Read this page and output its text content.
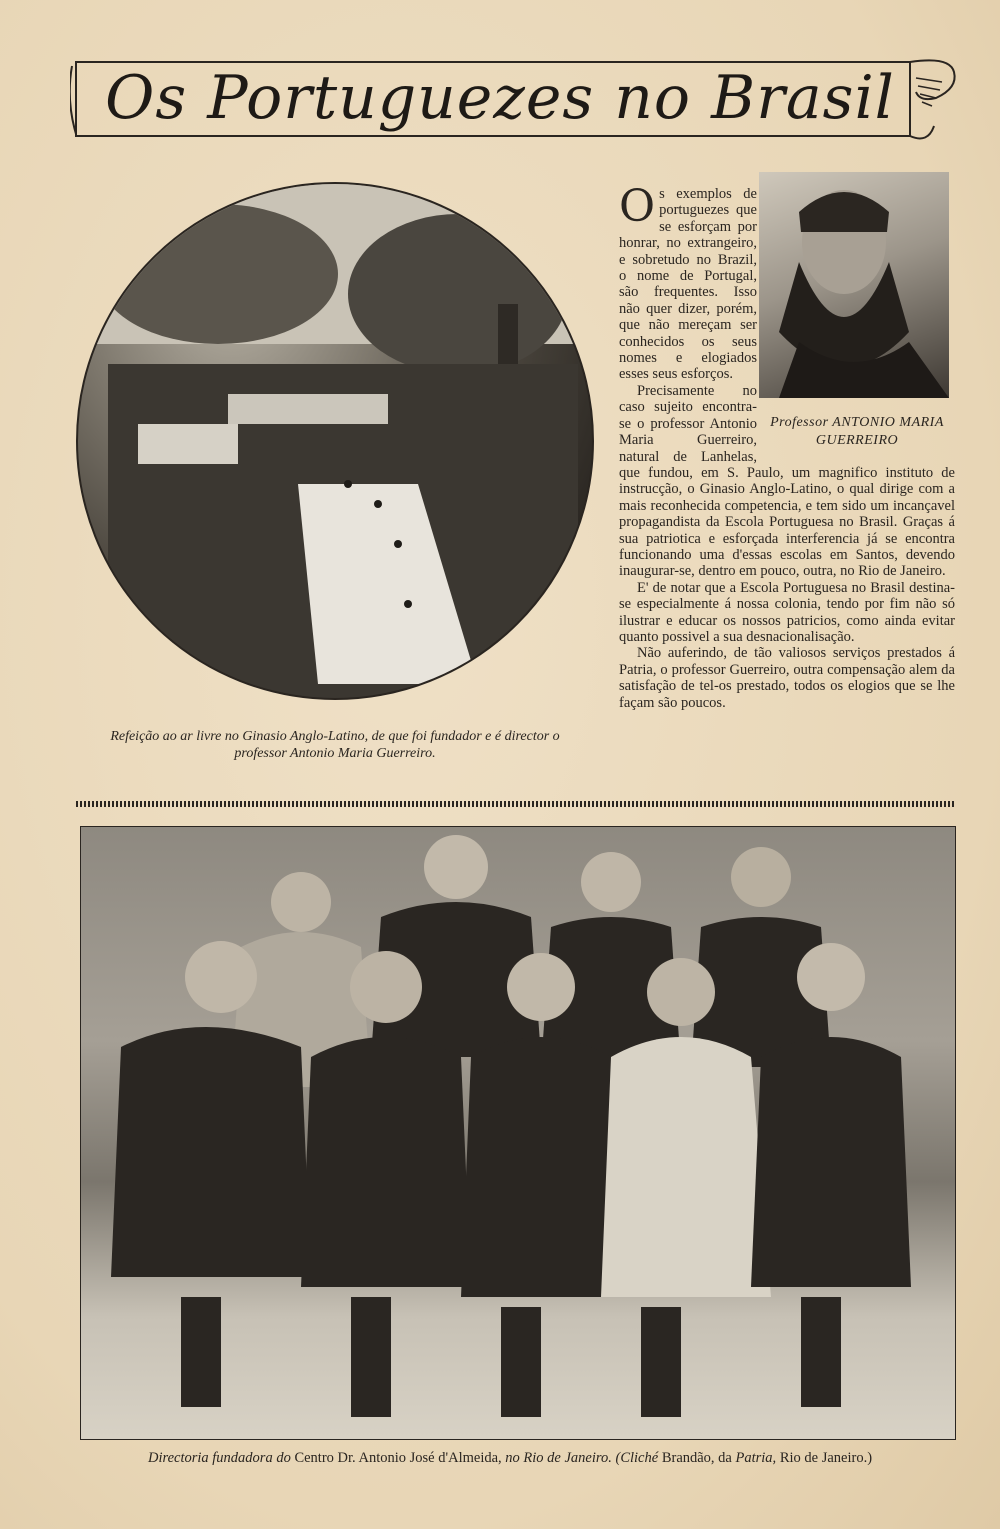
Os Portuguezes no Brasil
Refeição ao ar livre no Ginasio Anglo-Latino, de que foi fundador e é director o professor Antonio Maria Guerreiro.
Professor ANTONIO MARIA
GUERREIRO

Os exemplos de portuguezes que se esforçam por honrar, no extrangeiro, e sobretudo no Brazil, o nome de Portugal, são frequentes. Isso não quer dizer, porém, que não mereçam ser conhecidos os seus nomes e elogiados esses seus esforços.

Precisamente no caso sujeito encontra-se o professor Antonio Maria Guerreiro, natural de Lanhelas, que fundou, em S. Paulo, um magnifico instituto de instrucção, o Ginasio Anglo-Latino, o qual dirige com a mais reconhecida competencia, e tem sido um incançavel propagandista da Escola Portuguesa no Brasil. Graças á sua patriotica e esforçada interferencia já se encontra funcionando uma d'essas escolas em Santos, devendo inaugurar-se, dentro em pouco, outra, no Rio de Janeiro.

E' de notar que a Escola Portuguesa no Brasil destina-se especialmente á nossa colonia, tendo por fim não só ilustrar e educar os nossos patricios, como ainda evitar quanto possivel a sua desnacionalisação.

Não auferindo, de tão valiosos serviços prestados á Patria, o professor Guerreiro, outra compensação alem da satisfação de tel-os prestado, todos os elogios que se lhe façam são poucos.

Directoria fundadora do Centro Dr. Antonio José d'Almeida, no Rio de Janeiro. (Cliché Brandão, da Patria, Rio de Janeiro.)
